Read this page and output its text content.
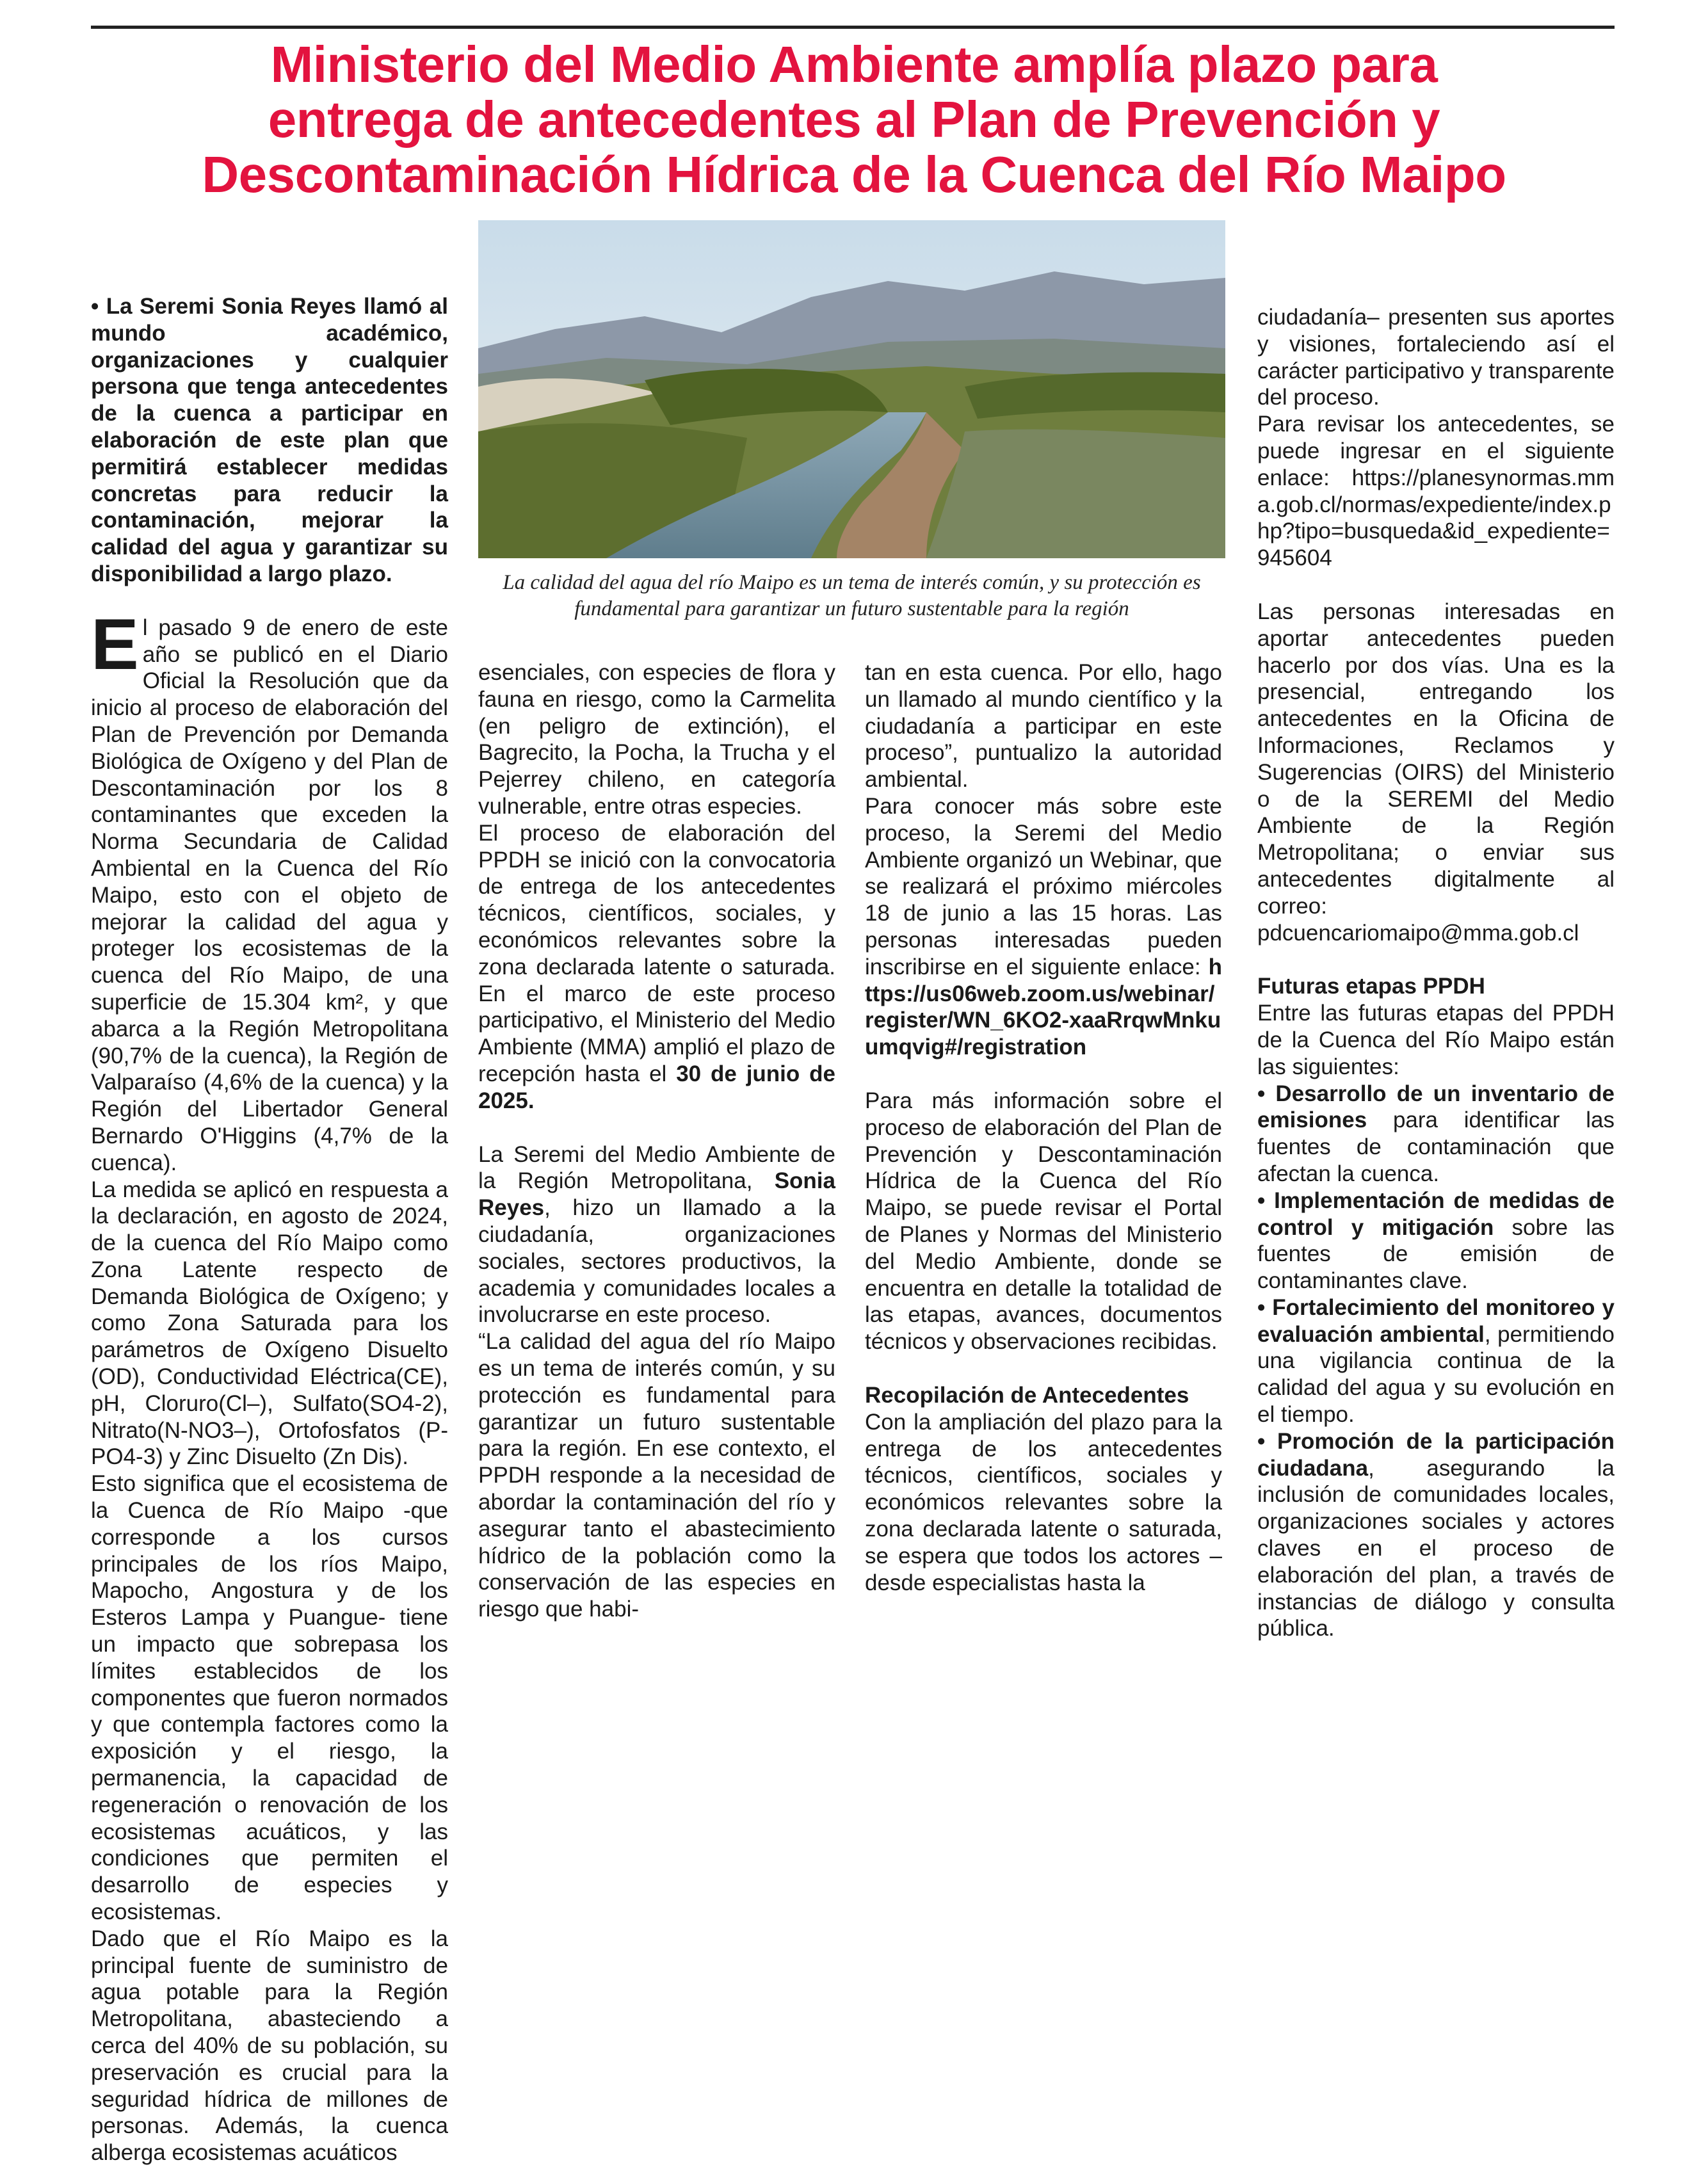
Ministerio del Medio Ambiente amplía plazo para
entrega de antecedentes al Plan de Prevención y
Descontaminación Hídrica de la Cuenca del Río Maipo
La calidad del agua del río Maipo es un tema de interés común, y su protección es fundamental para garantizar un futuro sustentable para la región

• La Seremi Sonia Reyes llamó al mundo académico, organizaciones y cualquier persona que tenga antecedentes de la cuenca a participar en elaboración de este plan que permitirá establecer medidas concretas para reducir la contaminación, mejorar la calidad del agua y garantizar su disponibilidad a largo plazo.

El pasado 9 de enero de este año se publicó en el Diario Oficial la Resolución que da inicio al proceso de elaboración del Plan de Prevención por Demanda Biológica de Oxígeno y del Plan de Descontaminación por los 8 contaminantes que exceden la Norma Secundaria de Calidad Ambiental en la Cuenca del Río Maipo, esto con el objeto de mejorar la calidad del agua y proteger los ecosistemas de la cuenca del Río Maipo, de una superficie de 15.304 km², y que abarca a la Región Metropolitana (90,7% de la cuenca), la Región de Valparaíso (4,6% de la cuenca) y la Región del Libertador General Bernardo O'Higgins (4,7% de la cuenca).

La medida se aplicó en respuesta a la declaración, en agosto de 2024, de la cuenca del Río Maipo como Zona Latente respecto de Demanda Biológica de Oxígeno; y como Zona Saturada para los parámetros de Oxígeno Disuelto (OD), Conductividad Eléctrica(CE), pH, Cloruro(Cl–), Sulfato(SO4-2), Nitrato(N-NO3–), Ortofosfatos (P-PO4-3) y Zinc Disuelto (Zn Dis).

Esto significa que el ecosistema de la Cuenca de Río Maipo -que corresponde a los cursos principales de los ríos Maipo, Mapocho, Angostura y de los Esteros Lampa y Puangue- tiene un impacto que sobrepasa los límites establecidos de los componentes que fueron normados y que contempla factores como la exposición y el riesgo, la permanencia, la capacidad de regeneración o renovación de los ecosistemas acuáticos, y las condiciones que permiten el desarrollo de especies y ecosistemas.

Dado que el Río Maipo es la principal fuente de suministro de agua potable para la Región Metropolitana, abasteciendo a cerca del 40% de su población, su preservación es crucial para la seguridad hídrica de millones de personas. Además, la cuenca alberga ecosistemas acuáticos

esenciales, con especies de flora y fauna en riesgo, como la Carmelita (en peligro de extinción), el Bagrecito, la Pocha, la Trucha y el Pejerrey chileno, en categoría vulnerable, entre otras especies.

El proceso de elaboración del PPDH se inició con la convocatoria de entrega de los antecedentes técnicos, científicos, sociales, y económicos relevantes sobre la zona declarada latente o saturada. En el marco de este proceso participativo, el Ministerio del Medio Ambiente (MMA) amplió el plazo de recepción hasta el 30 de junio de 2025.

La Seremi del Medio Ambiente de la Región Metropolitana, Sonia Reyes, hizo un llamado a la ciudadanía, organizaciones sociales, sectores productivos, la academia y comunidades locales a involucrarse en este proceso.

“La calidad del agua del río Maipo es un tema de interés común, y su protección es fundamental para garantizar un futuro sustentable para la región. En ese contexto, el PPDH responde a la necesidad de abordar la contaminación del río y asegurar tanto el abastecimiento hídrico de la población como la conservación de las especies en riesgo que habi-

tan en esta cuenca. Por ello, hago un llamado al mundo científico y la ciudadanía a participar en este proceso”, puntualizo la autoridad ambiental.

Para conocer más sobre este proceso, la Seremi del Medio Ambiente organizó un Webinar, que se realizará el próximo miércoles 18 de junio a las 15 horas. Las personas interesadas pueden inscribirse en el siguiente enlace: https://us06web.zoom.us/webinar/register/WN_6KO2-xaaRrqwMnkuumqvig#/registration

Para más información sobre el proceso de elaboración del Plan de Prevención y Descontaminación Hídrica de la Cuenca del Río Maipo, se puede revisar el Portal de Planes y Normas del Ministerio del Medio Ambiente, donde se encuentra en detalle la totalidad de las etapas, avances, documentos técnicos y observaciones recibidas.

Recopilación de Antecedentes

Con la ampliación del plazo para la entrega de los antecedentes técnicos, científicos, sociales y económicos relevantes sobre la zona declarada latente o saturada, se espera que todos los actores –desde especialistas hasta la

ciudadanía– presenten sus aportes y visiones, fortaleciendo así el carácter participativo y transparente del proceso.

Para revisar los antecedentes, se puede ingresar en el siguiente enlace: https://planesynormas.mma.gob.cl/normas/expediente/index.php?tipo=busqueda&id_expediente=945604

Las personas interesadas en aportar antecedentes pueden hacerlo por dos vías. Una es la presencial, entregando los antecedentes en la Oficina de Informaciones, Reclamos y Sugerencias (OIRS) del Ministerio o de la SEREMI del Medio Ambiente de la Región Metropolitana; o enviar sus antecedentes digitalmente al correo:

pdcuencariomaipo@mma.gob.cl

Futuras etapas PPDH

Entre las futuras etapas del PPDH de la Cuenca del Río Maipo están las siguientes:

• Desarrollo de un inventario de emisiones para identificar las fuentes de contaminación que afectan la cuenca.

• Implementación de medidas de control y mitigación sobre las fuentes de emisión de contaminantes clave.

• Fortalecimiento del monitoreo y evaluación ambiental, permitiendo una vigilancia continua de la calidad del agua y su evolución en el tiempo.

• Promoción de la participación ciudadana, asegurando la inclusión de comunidades locales, organizaciones sociales y actores claves en el proceso de elaboración del plan, a través de instancias de diálogo y consulta pública.
